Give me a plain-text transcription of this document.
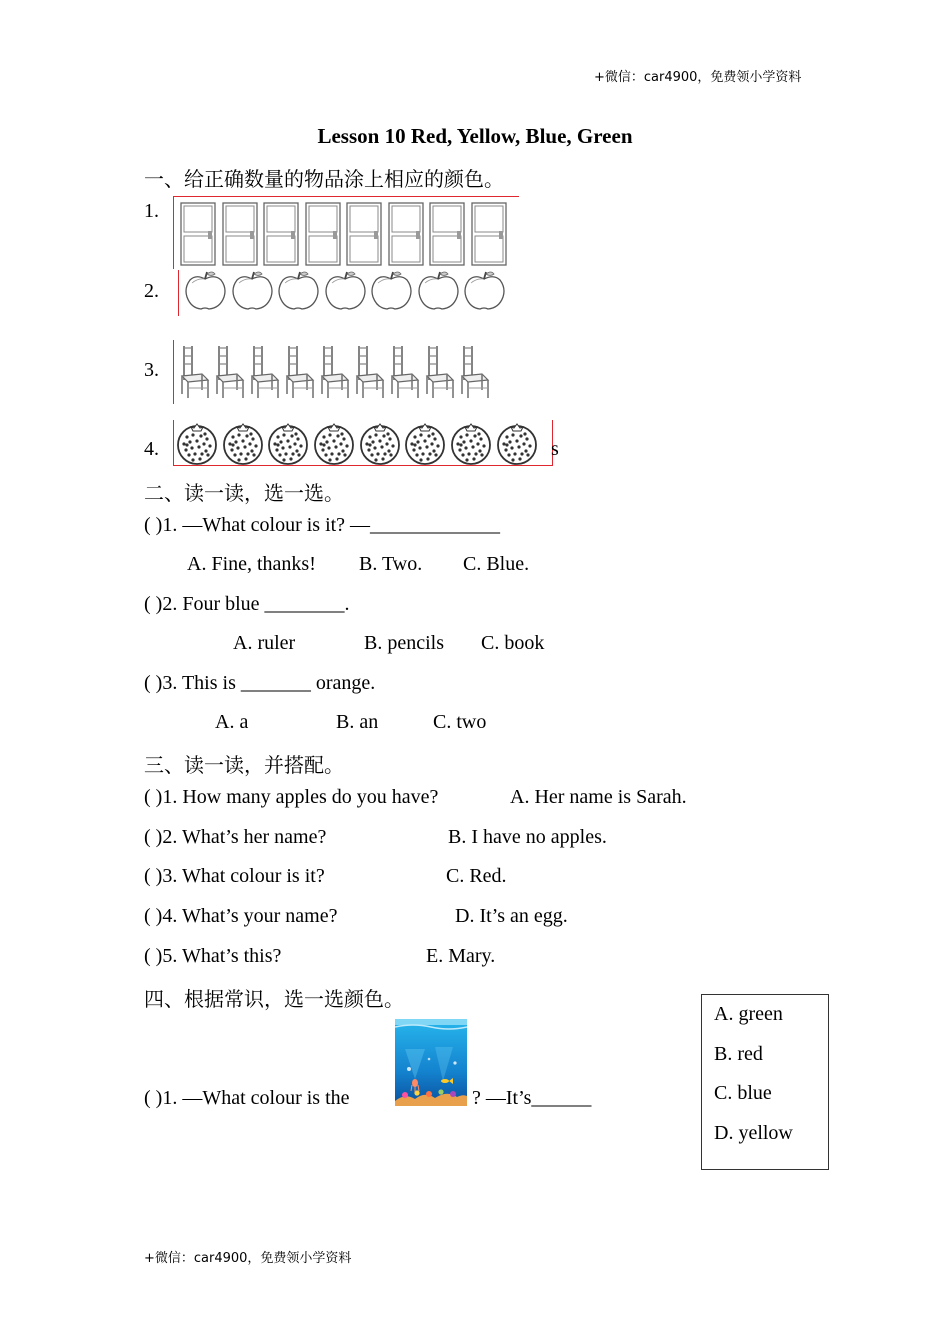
+微信：car4900，免费领小学资料
+微信：car4900，免费领小学资料
Lesson 10 Red, Yellow, Blue, Green
一、给正确数量的物品涂上相应的颜色。
1.
2.
3.
4.	s
二、读一读，选一选。
( )1. —What colour is it? —_____________
A. Fine, thanks! B. Two. C. Blue.
( )2. Four blue ________.
A. ruler	B. pencils C. book
( )3. This is _______ orange.
A. a	B. an	C. two
三、读一读，并搭配。
( )1. How many apples do you have?	A. Her name is Sarah.
( )2. What’s her name?	B. I have no apples.
( )3. What colour is it?	C. Red.
( )4. What’s your name?	D. It’s an egg.
( )5. What’s this?	E. Mary.
四、根据常识，选一选颜色。
( )1. —What colour is the	? —It’s______
A. green
B. red
C. blue
D. yellow
